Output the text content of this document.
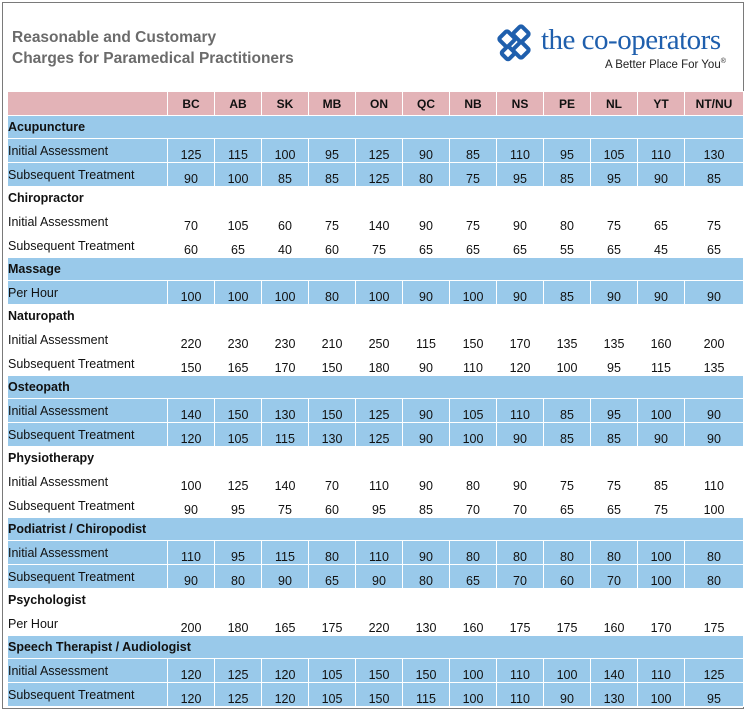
Reasonable and Customary
Charges for Paramedical Practitioners
the co-operators
A Better Place For You®
	BC	AB	SK	MB	ON	QC	NB	NS	PE	NL	YT	NT/NU
Acupuncture												
Initial Assessment	125	115	100	95	125	90	85	110	95	105	110	130
Subsequent Treatment	90	100	85	85	125	80	75	95	85	95	90	85
Chiropractor												
Initial Assessment	70	105	60	75	140	90	75	90	80	75	65	75
Subsequent Treatment	60	65	40	60	75	65	65	65	55	65	45	65
Massage												
Per Hour	100	100	100	80	100	90	100	90	85	90	90	90
Naturopath												
Initial Assessment	220	230	230	210	250	115	150	170	135	135	160	200
Subsequent Treatment	150	165	170	150	180	90	110	120	100	95	115	135
Osteopath												
Initial Assessment	140	150	130	150	125	90	105	110	85	95	100	90
Subsequent Treatment	120	105	115	130	125	90	100	90	85	85	90	90
Physiotherapy												
Initial Assessment	100	125	140	70	110	90	80	90	75	75	85	110
Subsequent Treatment	90	95	75	60	95	85	70	70	65	65	75	100
Podiatrist / Chiropodist												
Initial Assessment	110	95	115	80	110	90	80	80	80	80	100	80
Subsequent Treatment	90	80	90	65	90	80	65	70	60	70	100	80
Psychologist												
Per Hour	200	180	165	175	220	130	160	175	175	160	170	175
Speech Therapist / Audiologist												
Initial Assessment	120	125	120	105	150	150	100	110	100	140	110	125
Subsequent Treatment	120	125	120	105	150	115	100	110	90	130	100	95
